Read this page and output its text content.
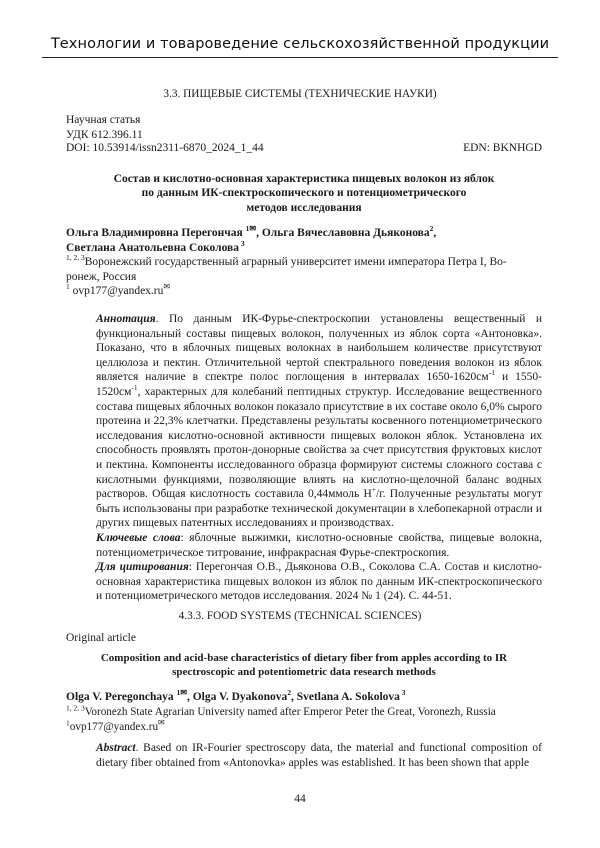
Технологии и товароведение сельскохозяйственной продукции
3.3. ПИЩЕВЫЕ СИСТЕМЫ (ТЕХНИЧЕСКИЕ НАУКИ)
Научная статья
УДК 612.396.11
DOI: 10.53914/issn2311-6870_2024_1_44	EDN: BKNHGD
Состав и кислотно-основная характеристика пищевых волокон из яблок
по данным ИК-спектроскопического и потенциометрического
методов исследования
Ольга Владимировна Перегончая $^1$✉, Ольга Вячеславовна Дьяконова$^2$,
Светлана Анатольевна Соколова $^3$
$^{1, 2, 3}$Воронежский государственный аграрный университет имени императора Петра I, Во-
ронеж, Россия
$^1$ ovp177@yandex.ru✉

Аннотация. По данным ИК-Фурье-спектроскопии установлены вещественный и функциональный составы пищевых волокон, полученных из яблок сорта «Антоновка». Показано, что в яблочных пищевых волокнах в наибольшем количестве присутствуют целлюлоза и пектин. Отличительной чертой спектрального поведения волокон из яблок является наличие в спектре полос поглощения в интервалах $1650-1620см^{-1}$ и $1550-1520см^{-1}$, характерных для колебаний пептидных структур. Исследование вещественного состава пищевых яблочных волокон показало присутствие в их составе около 6,0% сырого протеина и 22,3% клетчатки. Представлены результаты косвенного потенциометрического исследования кислотно-основной активности пищевых волокон яблок. Установлена их способность проявлять протон-донорные свойства за счет присутствия фруктовых кислот и пектина. Компоненты исследованного образца формируют системы сложного состава с кислотными функциями, позволяющие влиять на кислотно-щелочной баланс водных растворов. Общая кислотность составила 0,44ммоль Н+/г. Полученные результаты могут быть использованы при разработке технической документации в хлебопекарной отрасли и других пищевых патентных исследованиях и производствах.

Ключевые слова: яблочные выжимки, кислотно-основные свойства, пищевые волокна, потенциометрическое титрование, инфракрасная Фурье-спектроскопия.

Для цитирования: Перегончая О.В., Дьяконова О.В., Соколова С.А. Состав и кислотно-основная характеристика пищевых волокон из яблок по данным ИК-спектроскопического и потенциометрического методов исследования. 2024 № 1 (24). С. 44-51.

4.3.3. FOOD SYSTEMS (TECHNICAL SCIENCES)
Original article
Composition and acid-base characteristics of dietary fiber from apples according to IR
spectroscopic and potentiometric data research methods
Olga V. Peregonchaya $^1$✉, Olga V. Dyakonova$^2$, Svetlana A. Sokolova $^3$
$^{1, 2, 3}$Voronezh State Agrarian University named after Emperor Peter the Great, Voronezh, Russia
$^1$ovp177@yandex.ru✉

Abstract. Based on IR-Fourier spectroscopy data, the material and functional composition of dietary fiber obtained from «Antonovka» apples was established. It has been shown that apple

44
